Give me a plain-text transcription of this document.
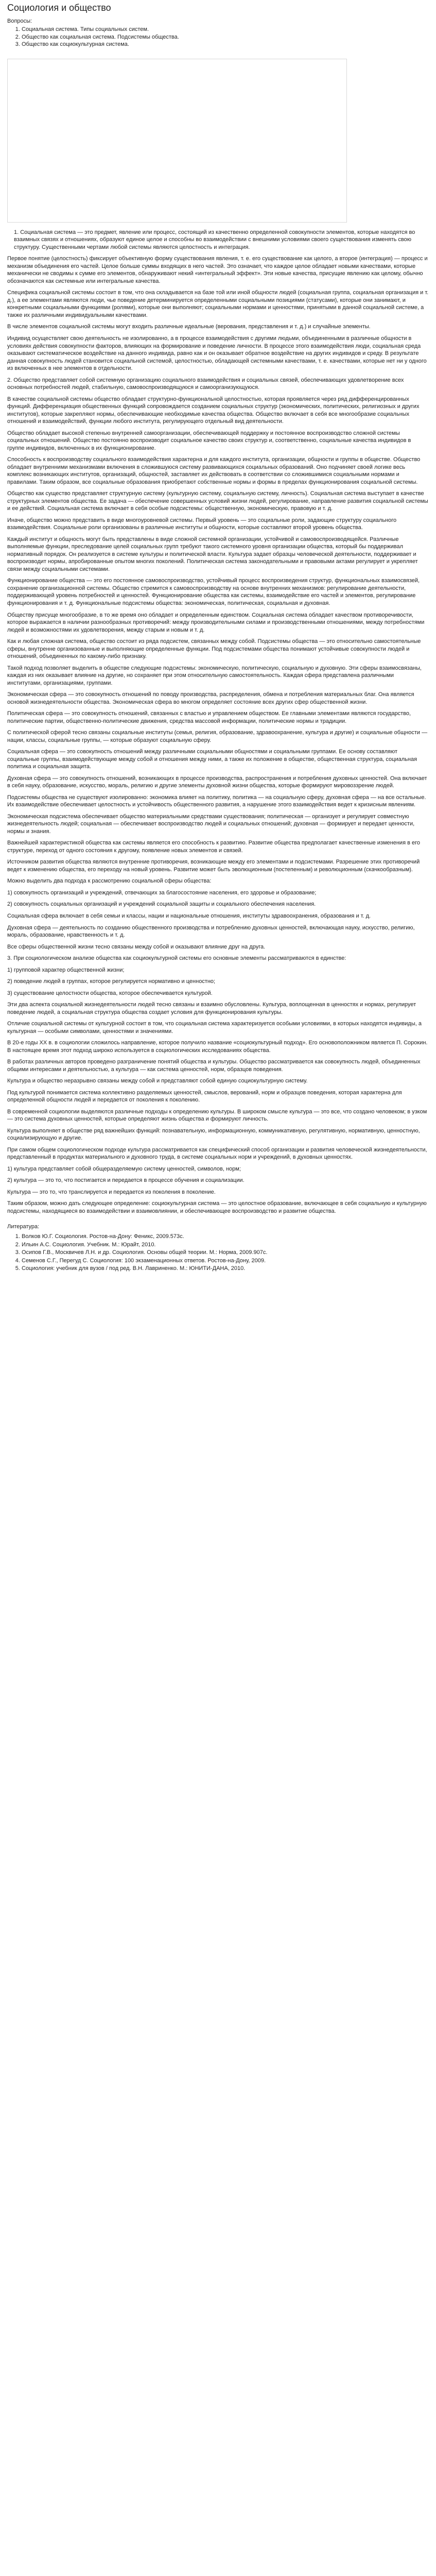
Социология и общество
Вопросы:
1. Социальная система. Типы социальных систем.
2. Общество как социальная система. Подсистемы общества.
3. Общество как социокультурная система.

1. Социальная система — это предмет, явление или процесс, состоящий из качественно определенной совокупности элементов, которые находятся во взаимных связях и отношениях, образуют единое целое и способны во взаимодействии с внешними условиями своего существования изменять свою структуру. Существенными чертами любой системы являются целостность и интеграция.

Первое понятие (целостность) фиксирует объективную форму существования явления, т. е. его существование как целого, а второе (интеграция) — процесс и механизм объединения его частей. Целое больше суммы входящих в него частей. Это означает, что каждое целое обладает новыми качествами, которые механически не сводимы к сумме его элементов, обнаруживают некий «интегральный эффект». Эти новые качества, присущие явлению как целому, обычно обозначаются как системные или интегральные качества.

Специфика социальной системы состоит в том, что она складывается на базе той или иной общности людей (социальная группа, социальная организация и т. д.), а ее элементами являются люди, чье поведение детерминируется определенными социальными позициями (статусами), которые они занимают, и конкретными социальными функциями (ролями), которые они выполняют; социальными нормами и ценностями, принятыми в данной социальной системе, а также их различными индивидуальными качествами.

В числе элементов социальной системы могут входить различные идеальные (верования, представления и т. д.) и случайные элементы.

Индивид осуществляет свою деятельность не изолированно, а в процессе взаимодействия с другими людьми, объединенными в различные общности в условиях действия совокупности факторов, влияющих на формирование и поведение личности. В процессе этого взаимодействия люди, социальная среда оказывают систематическое воздействие на данного индивида, равно как и он оказывает обратное воздействие на других индивидов и среду. В результате данная совокупность людей становится социальной системой, целостностью, обладающей системными качествами, т. е. качествами, которые нет ни у одного из включенных в нее элементов в отдельности.

2. Общество представляет собой системную организацию социального взаимодействия и социальных связей, обеспечивающих удовлетворение всех основных потребностей людей, стабильную, самовоспроизводящуюся и самоорганизующуюся.

В качестве социальной системы общество обладает структурно-функциональной целостностью, которая проявляется через ряд дифференцированных функций. Дифференциация общественных функций сопровождается созданием социальных структур (экономических, политических, религиозных и других институтов), которые закрепляют нормы, обеспечивающие необходимые качества общества. Общество включает в себя все многообразие социальных отношений и взаимодействий, функции любого института, регулирующего отдельный вид деятельности.

Общество обладает высокой степенью внутренней самоорганизации, обеспечивающей поддержку и постоянное воспроизводство сложной системы социальных отношений. Общество постоянно воспроизводит социальное качество своих структур и, соответственно, социальные качества индивидов в группе индивидов, включенных в их функционирование.

Способность к воспроизводству социального взаимодействия характерна и для каждого института, организации, общности и группы в обществе. Общество обладает внутренними механизмами включения в сложившуюся систему развивающихся социальных образований. Оно подчиняет своей логике весь комплекс возникающих институтов, организаций, общностей, заставляет их действовать в соответствии со сложившимися социальными нормами и правилами. Таким образом, все социальные образования приобретают собственные нормы и формы в пределах функционирования социальной системы.

Общество как существо представляет структурную систему (культурную систему, социальную систему, личность). Социальная система выступает в качестве структурных элементов общества. Ее задача — обеспечение совершенных условий жизни людей, регулирование, направление развития социальной системы и ее действий. Социальная система включает в себя особые подсистемы: общественную, экономическую, правовую и т. д.

Иначе, общество можно представить в виде многоуровневой системы. Первый уровень — это социальные роли, задающие структуру социального взаимодействия. Социальные роли организованы в различные институты и общности, которые составляют второй уровень общества.

Каждый институт и общность могут быть представлены в виде сложной системной организации, устойчивой и самовоспроизводящейся. Различные выполняемые функции, преследование целей социальных групп требуют такого системного уровня организации общества, который бы поддерживал нормативный порядок. Он реализуется в системе культуры и политической власти. Культура задает образцы человеческой деятельности, поддерживает и воспроизводит нормы, апробированные опытом многих поколений. Политическая система законодательными и правовыми актами регулирует и укрепляет связи между социальными системами.

Функционирование общества — это его постоянное самовоспроизводство, устойчивый процесс воспроизведения структур, функциональных взаимосвязей, сохранение организационной системы. Общество стремится к самовоспроизводству на основе внутренних механизмов: регулирование деятельности, поддерживающей уровень потребностей и ценностей. Функционирование общества как системы, взаимодействие его частей и элементов, регулирование функционирования и т. д. Функциональные подсистемы общества: экономическая, политическая, социальная и духовная.

Обществу присуще многообразие, в то же время оно обладает и определенным единством. Социальная система обладает качеством противоречивости, которое выражается в наличии разнообразных противоречий: между производительными силами и производственными отношениями, между потребностями людей и возможностями их удовлетворения, между старым и новым и т. д.

Как и любая сложная система, общество состоит из ряда подсистем, связанных между собой. Подсистемы общества — это относительно самостоятельные сферы, внутренне организованные и выполняющие определенные функции. Под подсистемами общества понимают устойчивые совокупности людей и отношений, объединенных по какому-либо признаку.

Такой подход позволяет выделить в обществе следующие подсистемы: экономическую, политическую, социальную и духовную. Эти сферы взаимосвязаны, каждая из них оказывает влияние на другие, но сохраняет при этом относительную самостоятельность. Каждая сфера представлена различными институтами, организациями, группами.

Экономическая сфера — это совокупность отношений по поводу производства, распределения, обмена и потребления материальных благ. Она является основой жизнедеятельности общества. Экономическая сфера во многом определяет состояние всех других сфер общественной жизни.

Политическая сфера — это совокупность отношений, связанных с властью и управлением обществом. Ее главными элементами являются государство, политические партии, общественно-политические движения, средства массовой информации, политические нормы и традиции.

С политической сферой тесно связаны социальные институты (семья, религия, образование, здравоохранение, культура и другие) и социальные общности — нации, классы, социальные группы, — которые образуют социальную сферу.

Социальная сфера — это совокупность отношений между различными социальными общностями и социальными группами. Ее основу составляют социальные группы, взаимодействующие между собой и отношения между ними, а также их положение в обществе, общественная структура, социальная политика и социальная защита.

Духовная сфера — это совокупность отношений, возникающих в процессе производства, распространения и потребления духовных ценностей. Она включает в себя науку, образование, искусство, мораль, религию и другие элементы духовной жизни общества, которые формируют мировоззрение людей.

Подсистемы общества не существуют изолированно: экономика влияет на политику, политика — на социальную сферу, духовная сфера — на все остальные. Их взаимодействие обеспечивает целостность и устойчивость общественного развития, а нарушение этого взаимодействия ведет к кризисным явлениям.

Экономическая подсистема обеспечивает общество материальными средствами существования; политическая — организует и регулирует совместную жизнедеятельность людей; социальная — обеспечивает воспроизводство людей и социальных отношений; духовная — формирует и передает ценности, нормы и знания.

Важнейшей характеристикой общества как системы является его способность к развитию. Развитие общества предполагает качественные изменения в его структуре, переход от одного состояния к другому, появление новых элементов и связей.

Источником развития общества являются внутренние противоречия, возникающие между его элементами и подсистемами. Разрешение этих противоречий ведет к изменению общества, его переходу на новый уровень. Развитие может быть эволюционным (постепенным) и революционным (скачкообразным).

Можно выделить два подхода к рассмотрению социальной сферы общества:

1) совокупность организаций и учреждений, отвечающих за благосостояние населения, его здоровье и образование;

2) совокупность социальных организаций и учреждений социальной защиты и социального обеспечения населения.

Социальная сфера включает в себя семьи и классы, нации и национальные отношения, институты здравоохранения, образования и т. д.

Духовная сфера — деятельность по созданию общественного производства и потреблению духовных ценностей, включающая науку, искусство, религию, мораль, образование, нравственность и т. д.

Все сферы общественной жизни тесно связаны между собой и оказывают влияние друг на друга.

3. При социологическом анализе общества как социокультурной системы его основные элементы рассматриваются в единстве:

1) групповой характер общественной жизни;

2) поведение людей в группах, которое регулируется нормативно и ценностно;

3) существование целостности общества, которое обеспечивается культурой.

Эти два аспекта социальной жизнедеятельности людей тесно связаны и взаимно обусловлены. Культура, воплощенная в ценностях и нормах, регулирует поведение людей, а социальная структура общества создает условия для функционирования культуры.

Отличие социальной системы от культурной состоит в том, что социальная система характеризуется особыми условиями, в которых находятся индивиды, а культурная — особыми символами, ценностями и значениями.

В 20-е годы XX в. в социологии сложилось направление, которое получило название «социокультурный подход». Его основоположником является П. Сорокин. В настоящее время этот подход широко используется в социологических исследованиях общества.

В работах различных авторов проведено разграничение понятий общества и культуры. Общество рассматривается как совокупность людей, объединенных общими интересами и деятельностью, а культура — как система ценностей, норм, образцов поведения.

Культура и общество неразрывно связаны между собой и представляют собой единую социокультурную систему.

Под культурой понимается система коллективно разделяемых ценностей, смыслов, верований, норм и образцов поведения, которая характерна для определенной общности людей и передается от поколения к поколению.

В современной социологии выделяются различные подходы к определению культуры. В широком смысле культура — это все, что создано человеком; в узком — это система духовных ценностей, которые определяют жизнь общества и формируют личность.

Культура выполняет в обществе ряд важнейших функций: познавательную, информационную, коммуникативную, регулятивную, нормативную, ценностную, социализирующую и другие.

При самом общем социологическом подходе культура рассматривается как специфический способ организации и развития человеческой жизнедеятельности, представленный в продуктах материального и духовного труда, в системе социальных норм и учреждений, в духовных ценностях.

1) культура представляет собой общеразделяемую систему ценностей, символов, норм;

2) культура — это то, что постигается и передается в процессе обучения и социализации.

Культура — это то, что транслируется и передается из поколения в поколение.

Таким образом, можно дать следующее определение: социокультурная система — это целостное образование, включающее в себя социальную и культурную подсистемы, находящиеся во взаимодействии и взаимовлиянии, и обеспечивающее воспроизводство и развитие общества.

Литература:
1. Волков Ю.Г. Социология. Ростов-на-Дону: Феникс, 2009.573с.
2. Ильин А.С. Социология. Учебник. М.: Юрайт, 2010.
3. Осипов Г.В., Москвичев Л.Н. и др. Социология. Основы общей теории. М.: Норма, 2009.907с.
4. Семенов С.Г., Перегуд С. Социология: 100 экзаменационных ответов. Ростов-на-Дону, 2009.
5. Социология: учебник для вузов / под ред. В.Н. Лавриненко. М.: ЮНИТИ-ДАНА, 2010.
